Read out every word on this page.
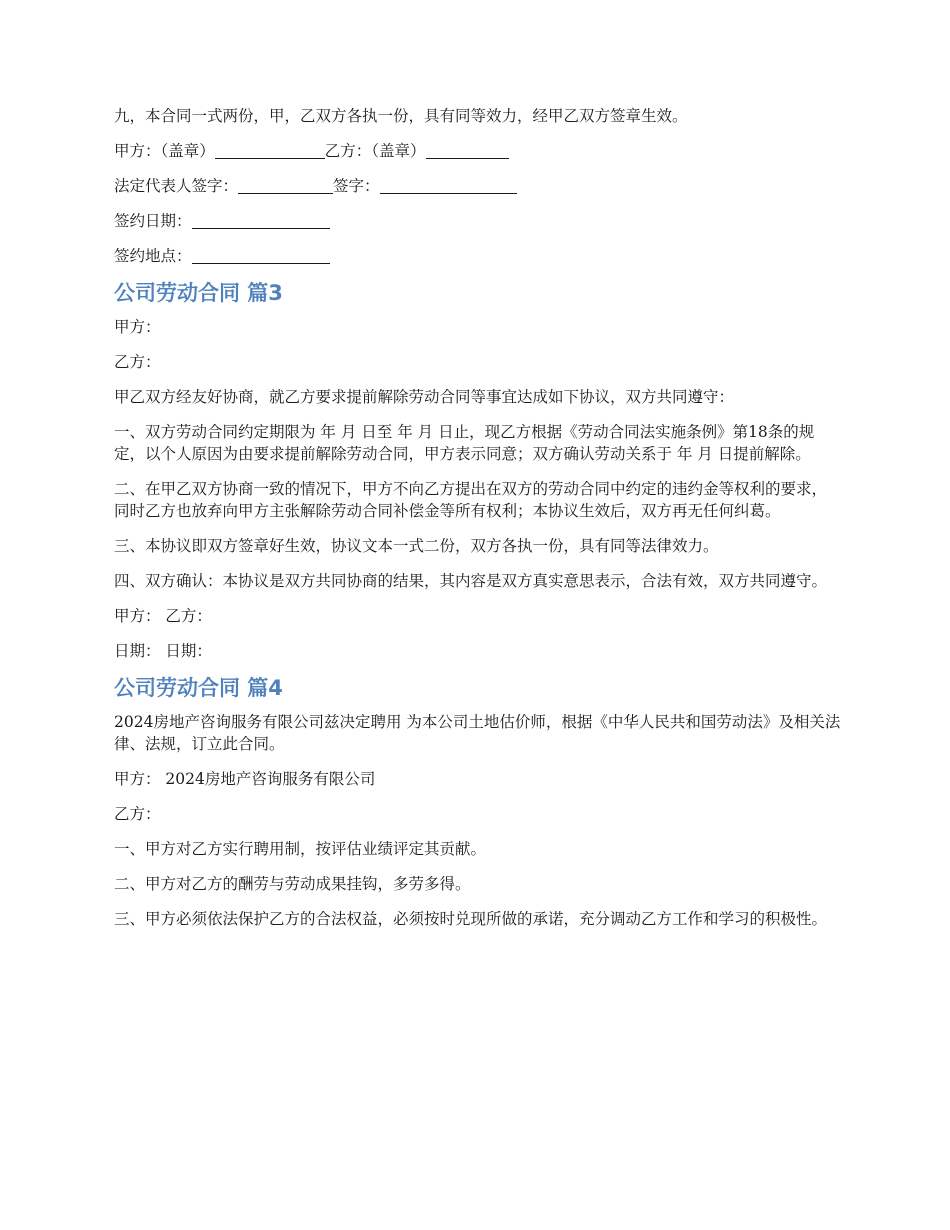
九，本合同一式两份，甲，乙双方各执一份，具有同等效力，经甲乙双方签章生效。

甲方：（盖章）	乙方：（盖章）

法定代表人签字：	签字：

签约日期：

签约地点：

公司劳动合同 篇3

甲方：

乙方：

甲乙双方经友好协商，就乙方要求提前解除劳动合同等事宜达成如下协议，双方共同遵守：

一、双方劳动合同约定期限为 年 月 日至 年 月 日止，现乙方根据《劳动合同法实施条例》第18条的规定，以个人原因为由要求提前解除劳动合同，甲方表示同意；双方确认劳动关系于 年 月 日提前解除。

二、在甲乙双方协商一致的情况下，甲方不向乙方提出在双方的劳动合同中约定的违约金等权利的要求，同时乙方也放弃向甲方主张解除劳动合同补偿金等所有权利；本协议生效后，双方再无任何纠葛。

三、本协议即双方签章好生效，协议文本一式二份，双方各执一份，具有同等法律效力。

四、双方确认：本协议是双方共同协商的结果，其内容是双方真实意思表示，合法有效，双方共同遵守。

甲方： 乙方：

日期： 日期：

公司劳动合同 篇4

2024房地产咨询服务有限公司兹决定聘用 为本公司土地估价师，根据《中华人民共和国劳动法》及相关法律、法规，订立此合同。

甲方： 2024房地产咨询服务有限公司

乙方：

一、甲方对乙方实行聘用制，按评估业绩评定其贡献。

二、甲方对乙方的酬劳与劳动成果挂钩，多劳多得。

三、甲方必须依法保护乙方的合法权益，必须按时兑现所做的承诺，充分调动乙方工作和学习的积极性。
